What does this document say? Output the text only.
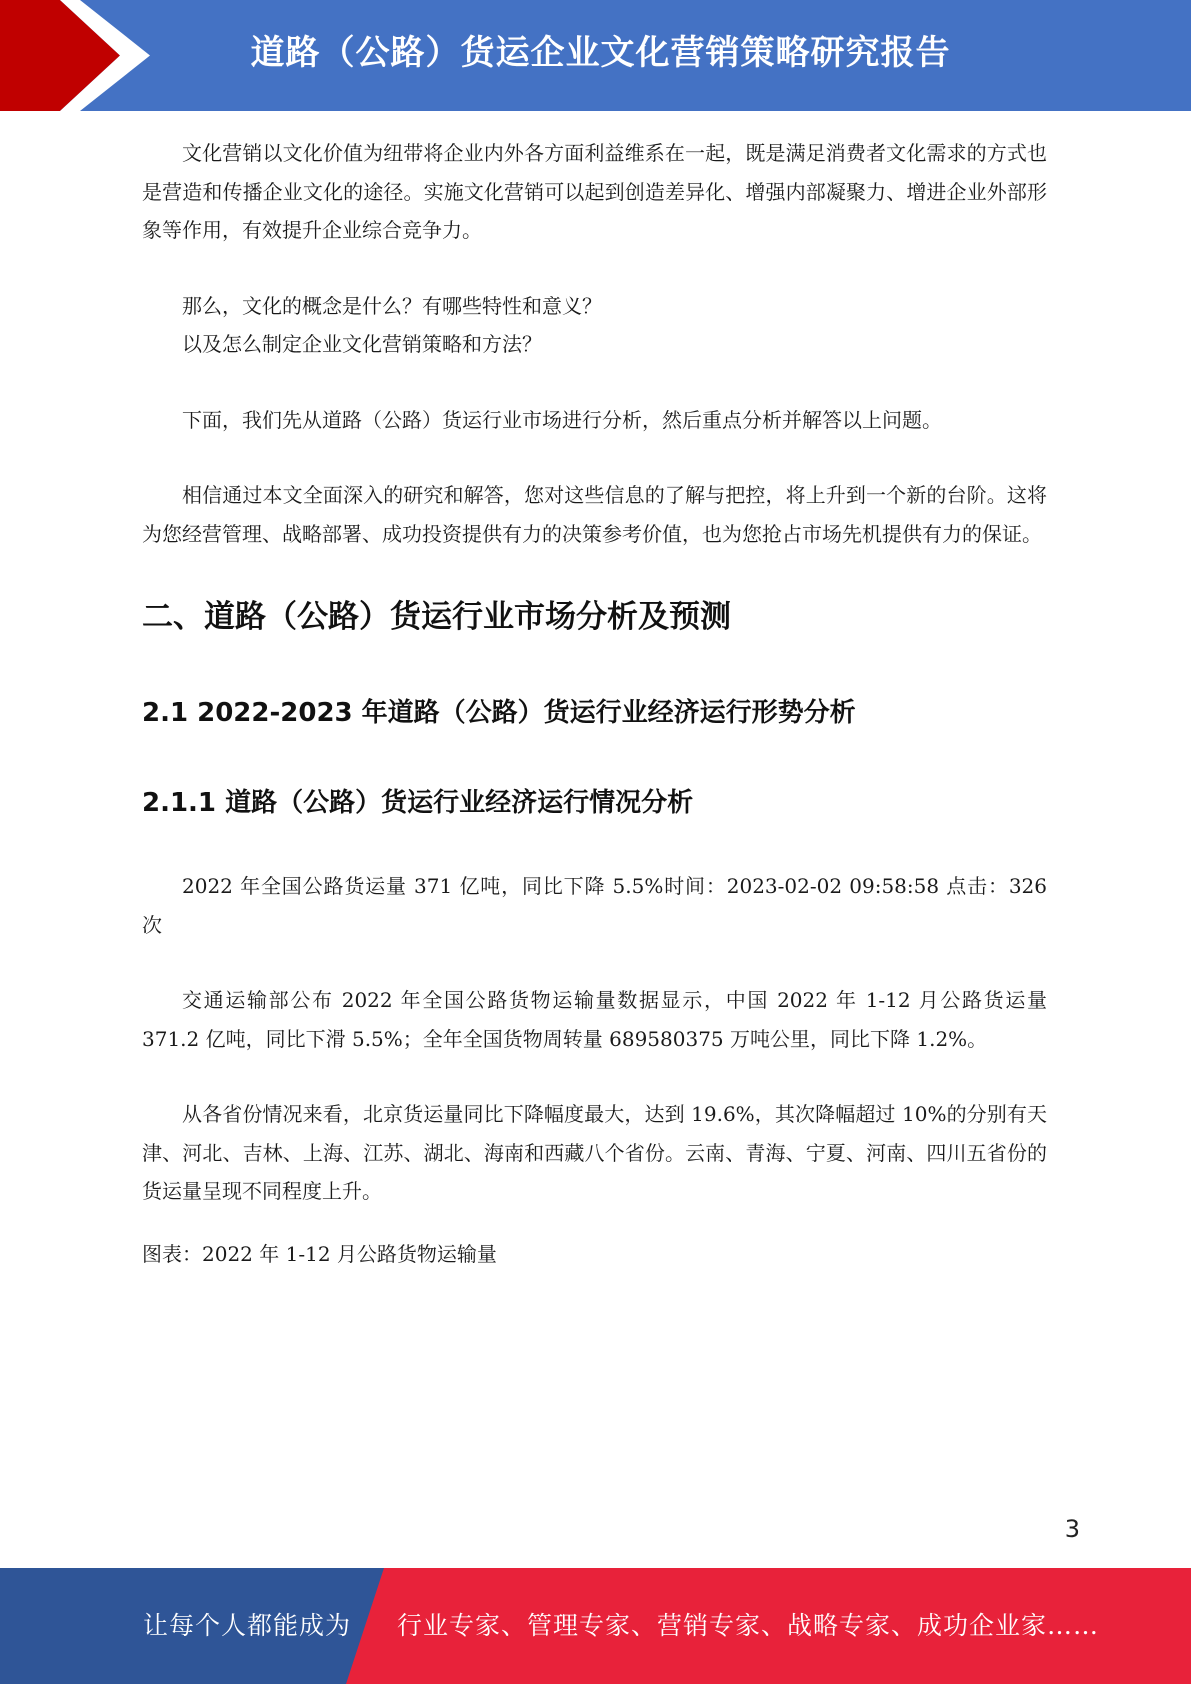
道路（公路）货运企业文化营销策略研究报告

文化营销以文化价值为纽带将企业内外各方面利益维系在一起，既是满足消费者文化需求的方式也是营造和传播企业文化的途径。实施文化营销可以起到创造差异化、增强内部凝聚力、增进企业外部形象等作用，有效提升企业综合竞争力。

那么，文化的概念是什么？有哪些特性和意义？

以及怎么制定企业文化营销策略和方法？

下面，我们先从道路（公路）货运行业市场进行分析，然后重点分析并解答以上问题。

相信通过本文全面深入的研究和解答，您对这些信息的了解与把控，将上升到一个新的台阶。这将为您经营管理、战略部署、成功投资提供有力的决策参考价值，也为您抢占市场先机提供有力的保证。

二、道路（公路）货运行业市场分析及预测
2.1 2022-2023 年道路（公路）货运行业经济运行形势分析
2.1.1 道路（公路）货运行业经济运行情况分析

2022 年全国公路货运量 371 亿吨，同比下降 5.5%时间：2023-02-02 09:58:58 点击：326 次

交通运输部公布 2022 年全国公路货物运输量数据显示，中国 2022 年 1-12 月公路货运量 371.2 亿吨，同比下滑 5.5%；全年全国货物周转量 689580375 万吨公里，同比下降 1.2%。

从各省份情况来看，北京货运量同比下降幅度最大，达到 19.6%，其次降幅超过 10%的分别有天津、河北、吉林、上海、江苏、湖北、海南和西藏八个省份。云南、青海、宁夏、河南、四川五省份的货运量呈现不同程度上升。

图表：2022 年 1-12 月公路货物运输量

3
让每个人都能成为 行业专家、管理专家、营销专家、战略专家、成功企业家……
